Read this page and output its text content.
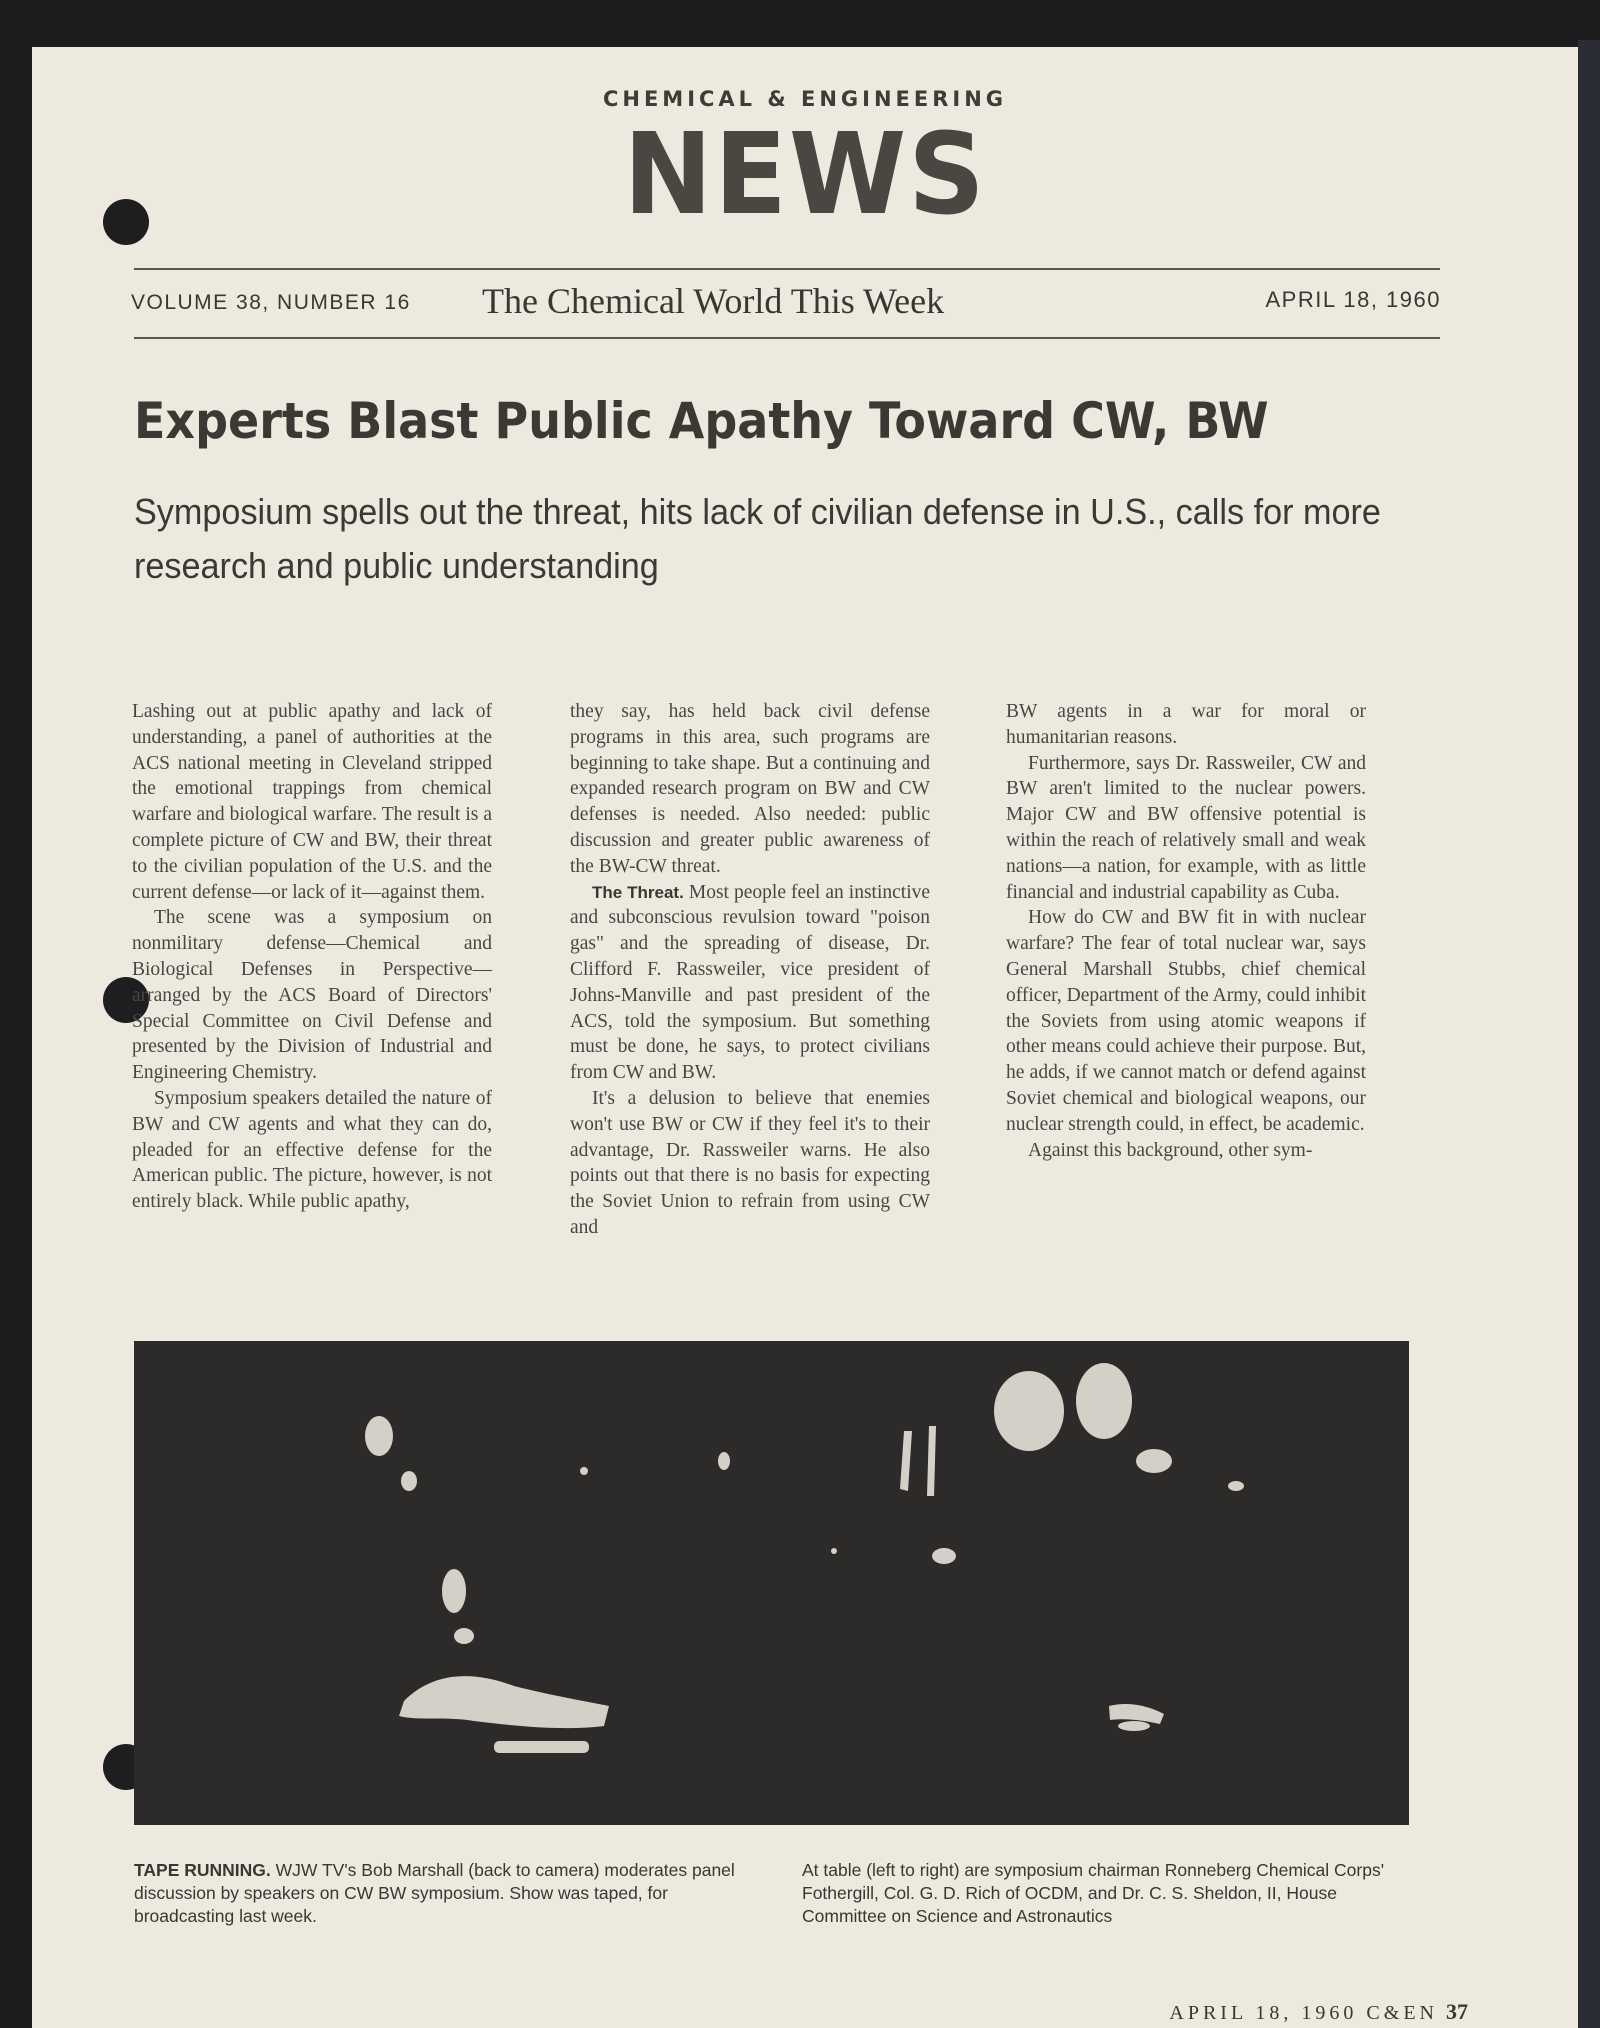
CHEMICAL & ENGINEERING
NEWS
VOLUME 38, NUMBER 16 The Chemical World This Week	APRIL 18, 1960
Experts Blast Public Apathy Toward CW, BW
Symposium spells out the threat, hits lack of civilian defense in U.S., calls for more research and public understanding

Lashing out at public apathy and lack of understanding, a panel of authorities at the ACS national meeting in Cleveland stripped the emotional trappings from chemical warfare and biological warfare. The result is a complete picture of CW and BW, their threat to the civilian population of the U.S. and the current defense—or lack of it—against them.

The scene was a symposium on nonmilitary defense—Chemical and Biological Defenses in Perspective—arranged by the ACS Board of Directors' Special Committee on Civil Defense and presented by the Division of Industrial and Engineering Chemistry.

Symposium speakers detailed the nature of BW and CW agents and what they can do, pleaded for an effective defense for the American public. The picture, however, is not entirely black. While public apathy,

they say, has held back civil defense programs in this area, such programs are beginning to take shape. But a continuing and expanded research program on BW and CW defenses is needed. Also needed: public discussion and greater public awareness of the BW-CW threat.

The Threat. Most people feel an instinctive and subconscious revulsion toward "poison gas" and the spreading of disease, Dr. Clifford F. Rassweiler, vice president of Johns-Manville and past president of the ACS, told the symposium. But something must be done, he says, to protect civilians from CW and BW.

It's a delusion to believe that enemies won't use BW or CW if they feel it's to their advantage, Dr. Rassweiler warns. He also points out that there is no basis for expecting the Soviet Union to refrain from using CW and

BW agents in a war for moral or humanitarian reasons.

Furthermore, says Dr. Rassweiler, CW and BW aren't limited to the nuclear powers. Major CW and BW offensive potential is within the reach of relatively small and weak nations—a nation, for example, with as little financial and industrial capability as Cuba.

How do CW and BW fit in with nuclear warfare? The fear of total nuclear war, says General Marshall Stubbs, chief chemical officer, Department of the Army, could inhibit the Soviets from using atomic weapons if other means could achieve their purpose. But, he adds, if we cannot match or defend against Soviet chemical and biological weapons, our nuclear strength could, in effect, be academic.

Against this background, other sym-

TAPE RUNNING. WJW TV's Bob Marshall (back to camera) moderates panel discussion by speakers on CW BW symposium. Show was taped, for broadcasting last week.
At table (left to right) are symposium chairman Ronneberg Chemical Corps' Fothergill, Col. G. D. Rich of OCDM, and Dr. C. S. Sheldon, II, House Committee on Science and Astronautics
APRIL 18, 1960 C&EN 37
